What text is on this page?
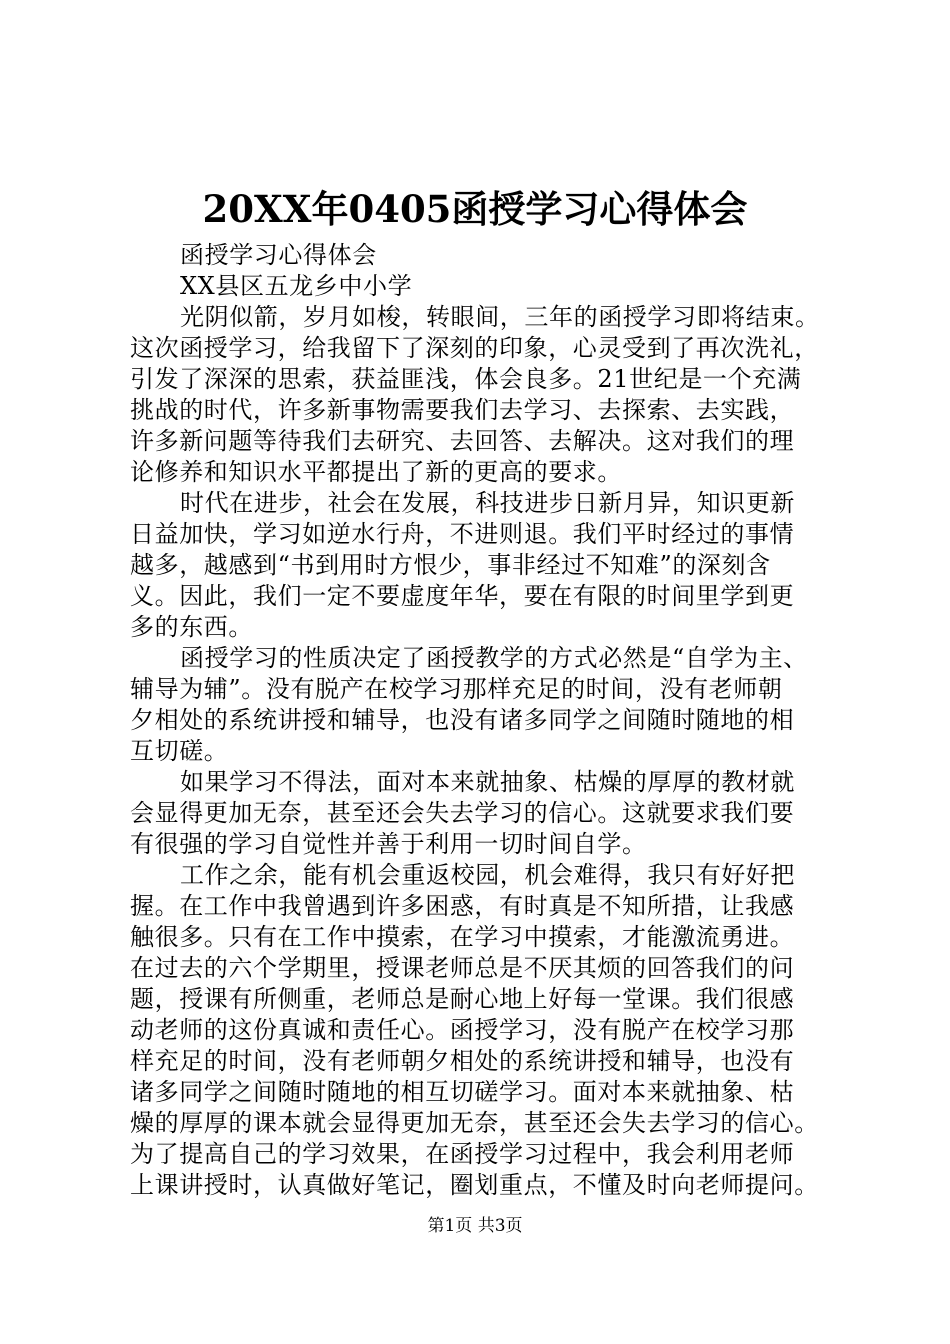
20XX年0405函授学习心得体会

函授学习心得体会

XX县区五龙乡中小学

光阴似箭，岁月如梭，转眼间，三年的函授学习即将结束。

这次函授学习，给我留下了深刻的印象，心灵受到了再次洗礼，

引发了深深的思索，获益匪浅，体会良多。21世纪是一个充满

挑战的时代，许多新事物需要我们去学习、去探索、去实践，

许多新问题等待我们去研究、去回答、去解决。这对我们的理

论修养和知识水平都提出了新的更高的要求。

时代在进步，社会在发展，科技进步日新月异，知识更新

日益加快，学习如逆水行舟，不进则退。我们平时经过的事情

越多，越感到“书到用时方恨少，事非经过不知难”的深刻含

义。因此，我们一定不要虚度年华，要在有限的时间里学到更

多的东西。

函授学习的性质决定了函授教学的方式必然是“自学为主、

辅导为辅”。没有脱产在校学习那样充足的时间，没有老师朝

夕相处的系统讲授和辅导，也没有诸多同学之间随时随地的相

互切磋。

如果学习不得法，面对本来就抽象、枯燥的厚厚的教材就

会显得更加无奈，甚至还会失去学习的信心。这就要求我们要

有很强的学习自觉性并善于利用一切时间自学。

工作之余，能有机会重返校园，机会难得，我只有好好把

握。在工作中我曾遇到许多困惑，有时真是不知所措，让我感

触很多。只有在工作中摸索，在学习中摸索，才能激流勇进。

在过去的六个学期里，授课老师总是不厌其烦的回答我们的问

题，授课有所侧重，老师总是耐心地上好每一堂课。我们很感

动老师的这份真诚和责任心。函授学习，没有脱产在校学习那

样充足的时间，没有老师朝夕相处的系统讲授和辅导，也没有

诸多同学之间随时随地的相互切磋学习。面对本来就抽象、枯

燥的厚厚的课本就会显得更加无奈，甚至还会失去学习的信心。

为了提高自己的学习效果，在函授学习过程中，我会利用老师

上课讲授时，认真做好笔记，圈划重点，不懂及时向老师提问。

第1页 共3页
